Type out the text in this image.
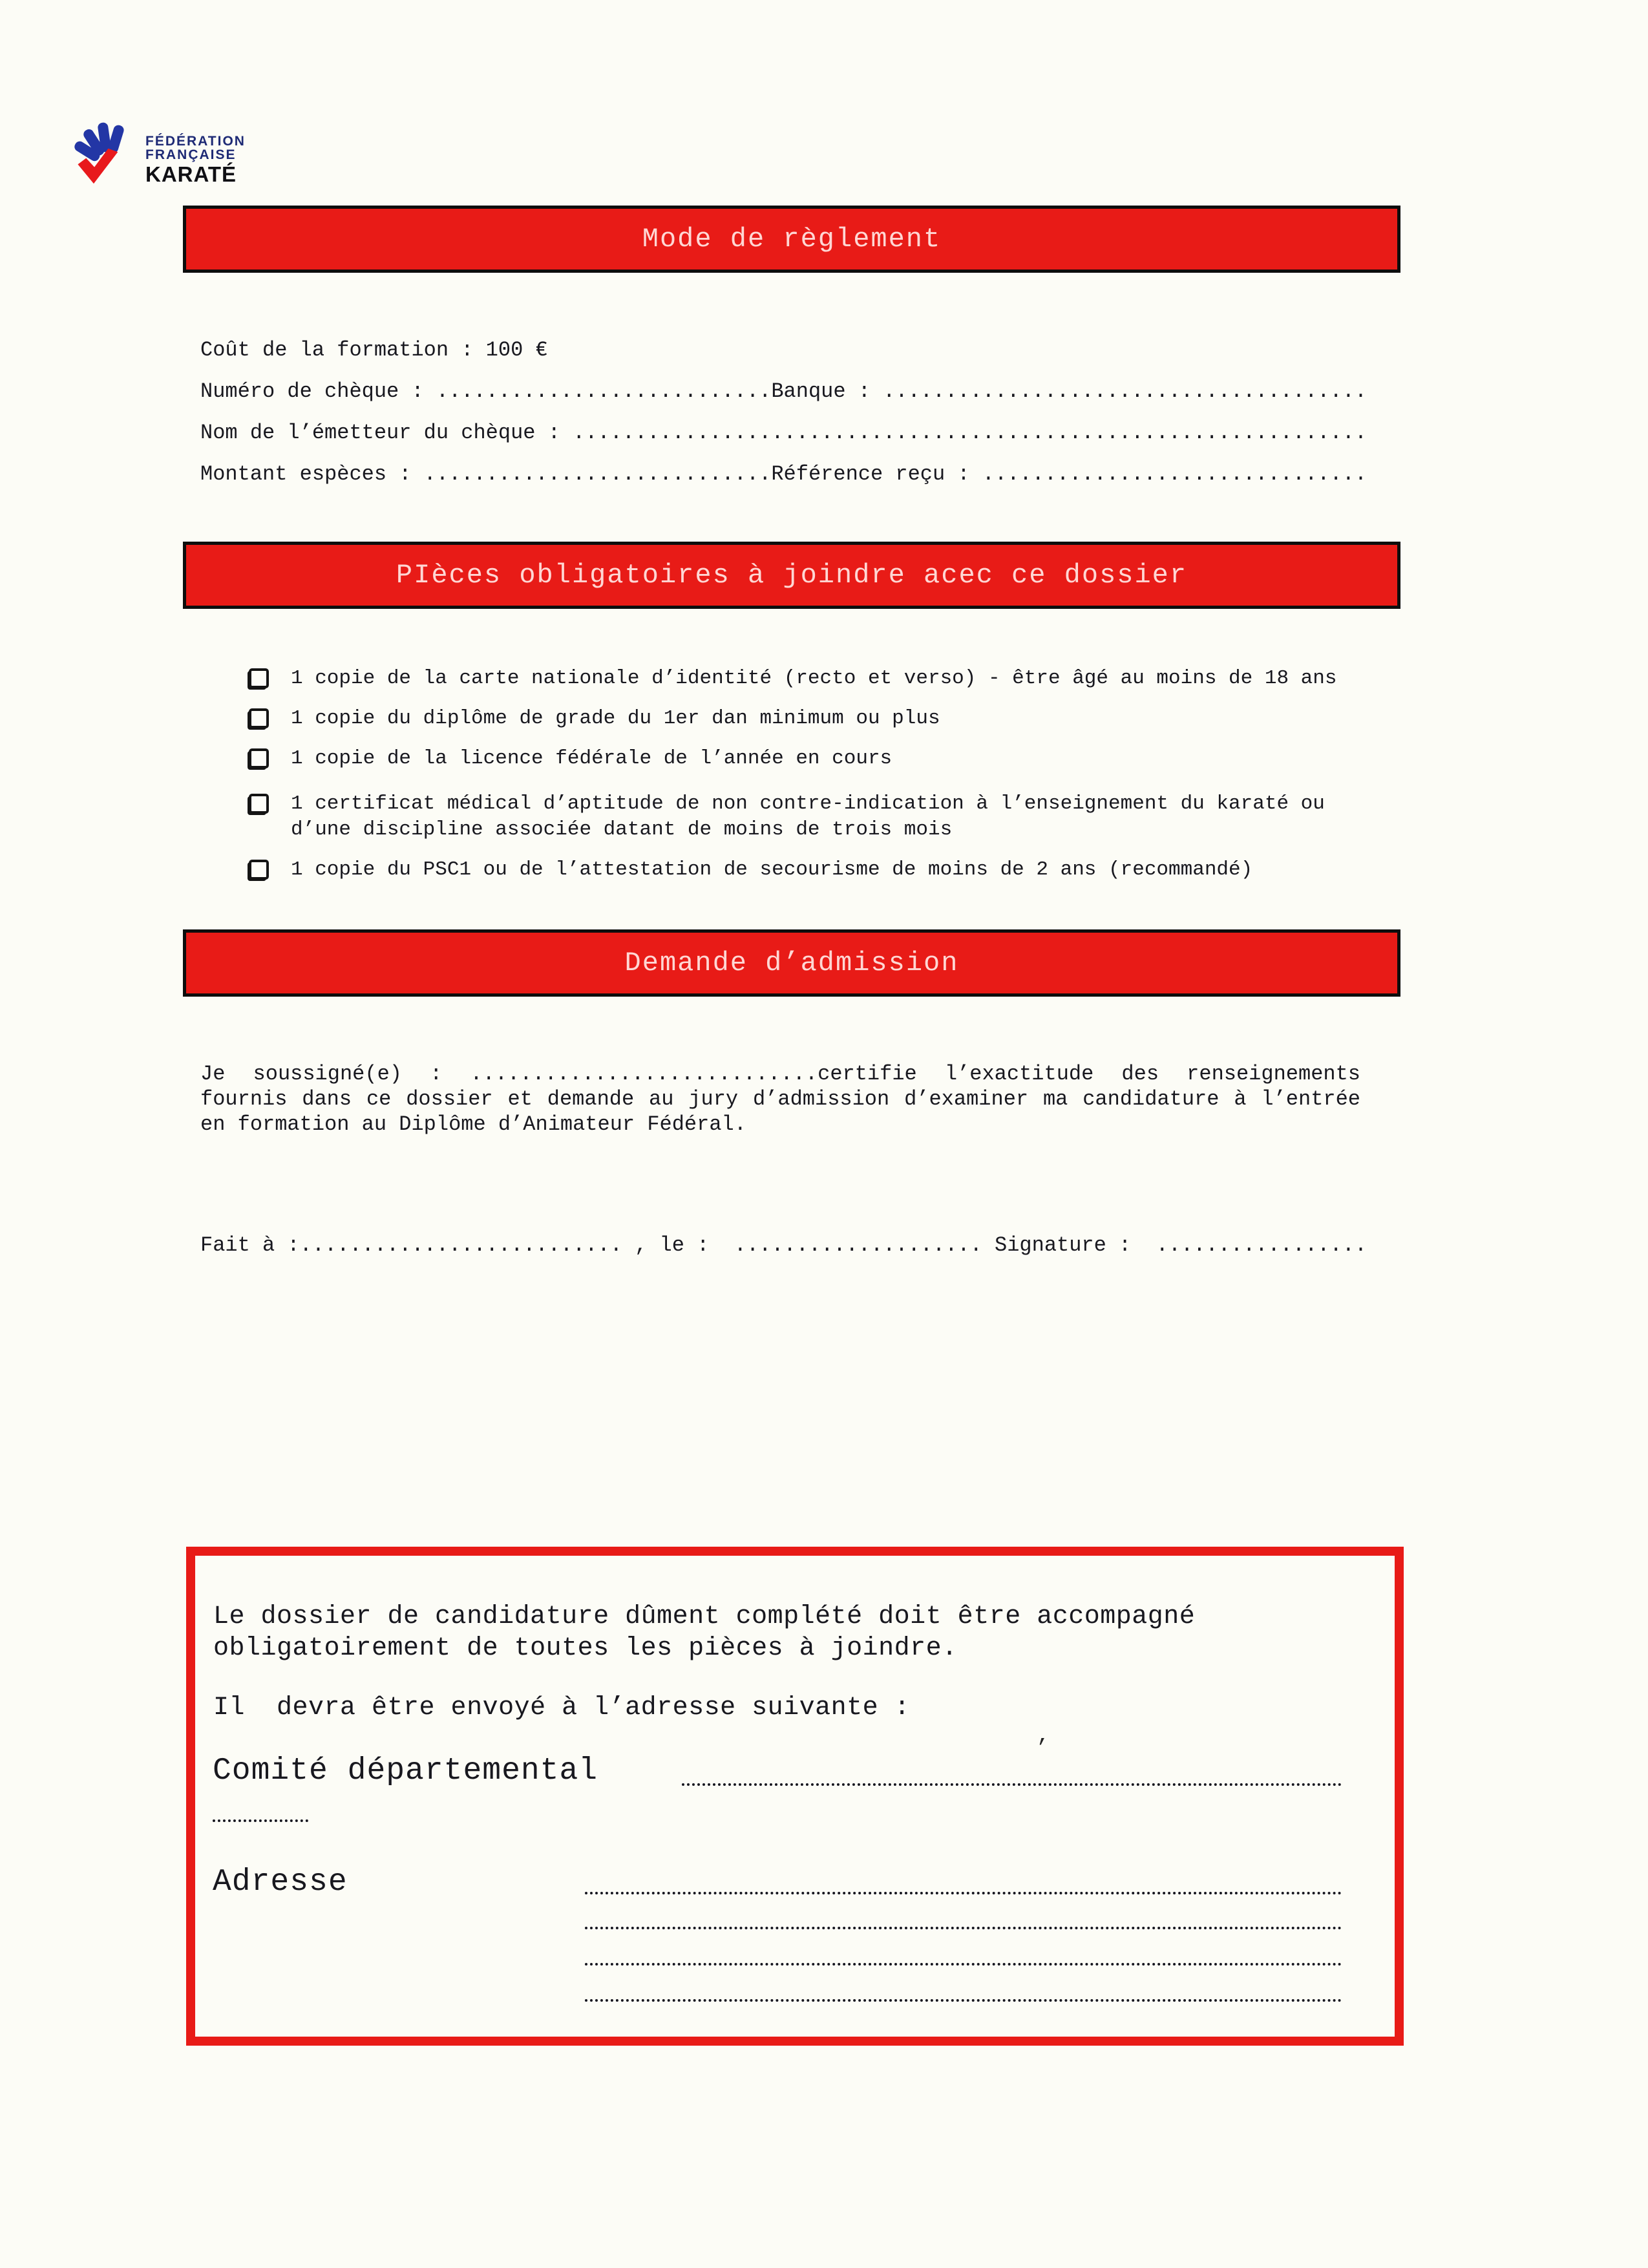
FÉDÉRATION
FRANÇAISE
KARATÉ
Mode de règlement
Coût de la formation : 100 €
Numéro de chèque : ...........................Banque : .......................................
Nom de l’émetteur du chèque : ................................................................
Montant espèces : ............................Référence reçu : ...............................
PIèces obligatoires à joindre acec ce dossier
1 copie de la carte nationale d’identité (recto et verso) - être âgé au moins de 18 ans
1 copie du diplôme de grade du 1er dan minimum ou plus
1 copie de la licence fédérale de l’année en cours
1 certificat médical d’aptitude de non contre-indication à l’enseignement du karaté ou d’une discipline associée datant de moins de trois mois
1 copie du PSC1 ou de l’attestation de secourisme de moins de 2 ans (recommandé)
Demande d’admission
Je soussigné(e) : ............................certifie l’exactitude des renseignements fournis dans ce dossier et demande au jury d’admission d’examiner ma candidature à l’entrée en formation au Diplôme d’Animateur Fédéral.
Fait à :.......................... , le :  .................... Signature :  .................
Le dossier de candidature dûment complété doit être accompagné obligatoirement de toutes les pièces à joindre.
Il  devra être envoyé à l’adresse suivante :
’
Comité départemental
Adresse
